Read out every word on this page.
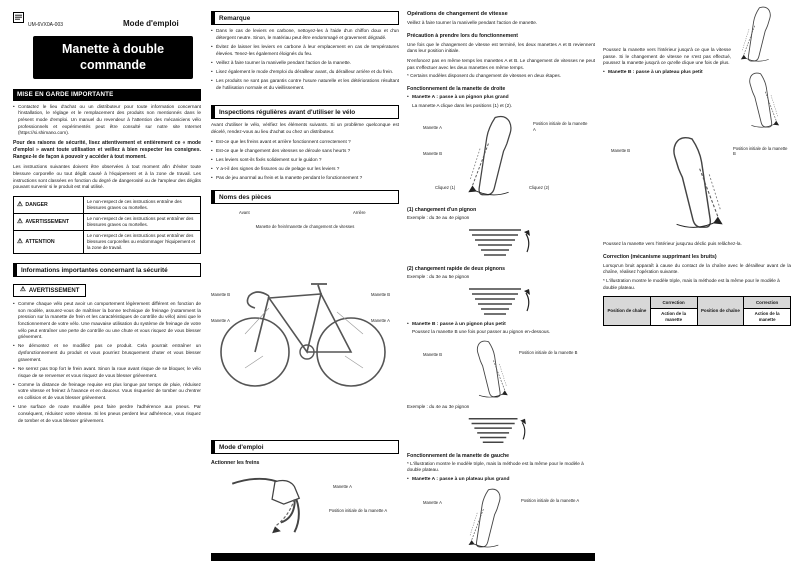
UM-6VX0A-003	Mode d'emploi
Manette à double commande
MISE EN GARDE IMPORTANTE
• Contactez le lieu d'achat ou un distributeur pour toute information concernant l'installation, le réglage et le remplacement des produits non mentionnés dans le présent mode d'emploi. Un manuel du revendeur à l'attention des mécaniciens vélo professionnels et expérimentés peut être consulté sur notre site Internet (https://si.shimano.com).

Pour des raisons de sécurité, lisez attentivement et entièrement ce « mode d'emploi » avant toute utilisation et veillez à bien respecter les consignes. Rangez-le de façon à pouvoir y accéder à tout moment.

Les instructions suivantes doivent être observées à tout moment afin d'éviter toute blessure corporelle ou tout dégât causé à l'équipement et à la zone de travail. Les instructions sont classées en fonction du degré de dangerosité ou de l'ampleur des dégâts pouvant survenir si le produit est mal utilisé.

⚠ DANGER	Le non-respect de ces instructions entraîne des blessures graves ou mortelles.

⚠ AVERTISSEMENT	Le non-respect de ces instructions peut entraîner des blessures graves ou mortelles.

⚠ ATTENTION	Le non-respect de ces instructions peut entraîner des blessures corporelles ou endommager l'équipement et la zone de travail.
Informations importantes concernant la sécurité
⚠ AVERTISSEMENT
• Comme chaque vélo peut avoir un comportement légèrement différent en fonction de son modèle, assurez-vous de maîtriser la bonne technique de freinage (notamment la pression sur la manette de frein et les caractéristiques de contrôle du vélo) ainsi que le fonctionnement de votre vélo. Une mauvaise utilisation du système de freinage de votre vélo peut entraîner une perte de contrôle ou une chute et vous risquez de vous blesser grièvement.
• Ne démontez et ne modifiez pas ce produit. Cela pourrait entraîner un dysfonctionnement du produit et vous pourriez brusquement chuter et vous blesser gravement.
• Ne serrez pas trop fort le frein avant. Sinon la roue avant risque de se bloquer, le vélo risque de se renverser et vous risquez de vous blesser grièvement.
• Comme la distance de freinage requise est plus longue par temps de pluie, réduisez votre vitesse et freinez à l'avance et en douceur. Vous risqueriez de tomber ou d'entrer en collision et de vous blesser grièvement.
• Une surface de route mouillée peut faire perdre l'adhérence aux pneus. Par conséquent, réduisez votre vitesse. Si les pneus perdent leur adhérence, vous risquez de tomber et de vous blesser grièvement.
Remarque
• Dans le cas de leviers en carbone, nettoyez-les à l'aide d'un chiffon doux et d'un détergent neutre. Sinon, le matériau peut être endommagé et gravement dégradé.
• Évitez de laisser les leviers en carbone à leur emplacement en cas de températures élevées. Tenez-les également éloignés du feu.
• Veillez à faire tourner la manivelle pendant l'action de la manette.
• Lisez également le mode d'emploi du dérailleur avant, du dérailleur arrière et du frein.
• Les produits ne sont pas garantis contre l'usure naturelle et les détériorations résultant de l'utilisation normale et du vieillissement.
Inspections régulières avant d'utiliser le vélo

Avant d'utiliser le vélo, vérifiez les éléments suivants. Si un problème quelconque est décelé, rendez-vous au lieu d'achat ou chez un distributeur.

• Est-ce que les freins avant et arrière fonctionnent correctement ?
• Est-ce que le changement des vitesses se déroule sans heurts ?
• Les leviers sont-ils fixés solidement sur le guidon ?
• Y a-t-il des signes de fissures ou de pelage sur les leviers ?
• Pas de jeu anormal au frein et la manette pendant le fonctionnement ?
Noms des pièces
Avant	Arrière
Manette de frein/manette de changement de vitesses
Manette B
Manette A
Manette B
Manette A
Mode d'emploi
Actionner les freins
Manette A
Position initiale de la manette A
Opérations de changement de vitesse

Veillez à faire tourner la manivelle pendant l'action de manette.

Précaution à prendre lors du fonctionnement

Une fois que le changement de vitesse est terminé, les deux manettes A et B reviennent dans leur position initiale.

N'enfoncez pas en même temps les manettes A et B. Le changement de vitesses ne peut pas s'effectuer avec les deux manettes en même temps.

* Certains modèles disposent du changement de vitesses en deux étapes.

Fonctionnement de la manette de droite
• Manette A : passe à un pignon plus grand
La manette A clique dans les positions (1) et (2).
Manette A
Manette B
Position initiale de la manette A
Cliquez (1)	Cliquez (2)
(1) changement d'un pignon

Exemple : du 3e au 4e pignon

(2) changement rapide de deux pignons

Exemple : du 3e au 5e pignon

• Manette B : passe à un pignon plus petit
Poussez la manette B une fois pour passer au pignon en-dessous.
Manette B	Position initiale de la manette B

Exemple : du 4e au 3e pignon

Fonctionnement de la manette de gauche

* L'illustration montre le modèle triple, mais la méthode est la même pour le modèle à double plateau.

• Manette A : passe à un plateau plus grand
Manette A	Position initiale de la manette A

Poussez la manette vers l'intérieur jusqu'à ce que la vitesse passe. Si le changement de vitesse ne s'est pas effectué, poussez la manette jusqu'à ce qu'elle clique une fois de plus.

• Manette B : passe à un plateau plus petit
Manette B	Position initiale de la manette B

Poussez la manette vers l'intérieur jusqu'au déclic puis relâchez-la.

Correction (mécanisme supprimant les bruits)

Lorsqu'un bruit apparaît à cause du contact de la chaîne avec le dérailleur avant de la chaîne, réalisez l'opération suivante.

* L'illustration montre le modèle triple, mais la méthode est la même pour le modèle à double plateau.

Position de chaîne	Correction	Position de chaîne	Correction
	Action de la manette		Action de la manette
